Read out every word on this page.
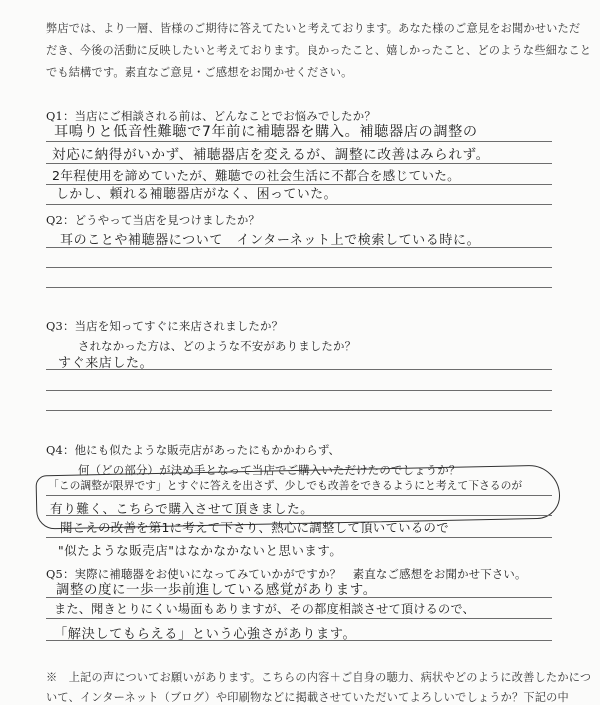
弊店では、より一層、皆様のご期待に答えてたいと考えております。あなた様のご意見をお聞かせいただ
だき、今後の活動に反映したいと考えております。良かったこと、嬉しかったこと、どのような些細なこと
でも結構です。素直なご意見・ご感想をお聞かせください。
Q1：当店にご相談される前は、どんなことでお悩みでしたか？
耳鳴りと低音性難聴で7年前に補聴器を購入。補聴器店の調整の
対応に納得がいかず、補聴器店を変えるが、調整に改善はみられず。
2年程使用を諦めていたが、難聴での社会生活に不都合を感じていた。
しかし、頼れる補聴器店がなく、困っていた。
Q2：どうやって当店を見つけましたか？
耳のことや補聴器について　インターネット上で検索している時に。
Q3：当店を知ってすぐに来店されましたか？
されなかった方は、どのような不安がありましたか？
すぐ来店した。
Q4：他にも似たような販売店があったにもかかわらず、
何（どの部分）が決め手となって当店でご購入いただけたのでしょうか？
「この調整が限界です」とすぐに答えを出さず、少しでも改善をできるようにと考えて下さるのが
有り難く、こちらで購入させて頂きました。
聞こえの改善を第1に考えて下さり、熱心に調整して頂いているので
"似たような販売店"はなかなかないと思います。
Q5：実際に補聴器をお使いになってみていかがですか？　素直なご感想をお聞かせ下さい。
調整の度に一歩一歩前進している感覚があります。
また、聞きとりにくい場面もありますが、その都度相談させて頂けるので、
「解決してもらえる」という心強さがあります。
※　上記の声についてお願いがあります。こちらの内容＋ご自身の聴力、病状やどのように改善したかにつ
いて、インターネット（ブログ）や印刷物などに掲載させていただいてよろしいでしょうか？下記の中
